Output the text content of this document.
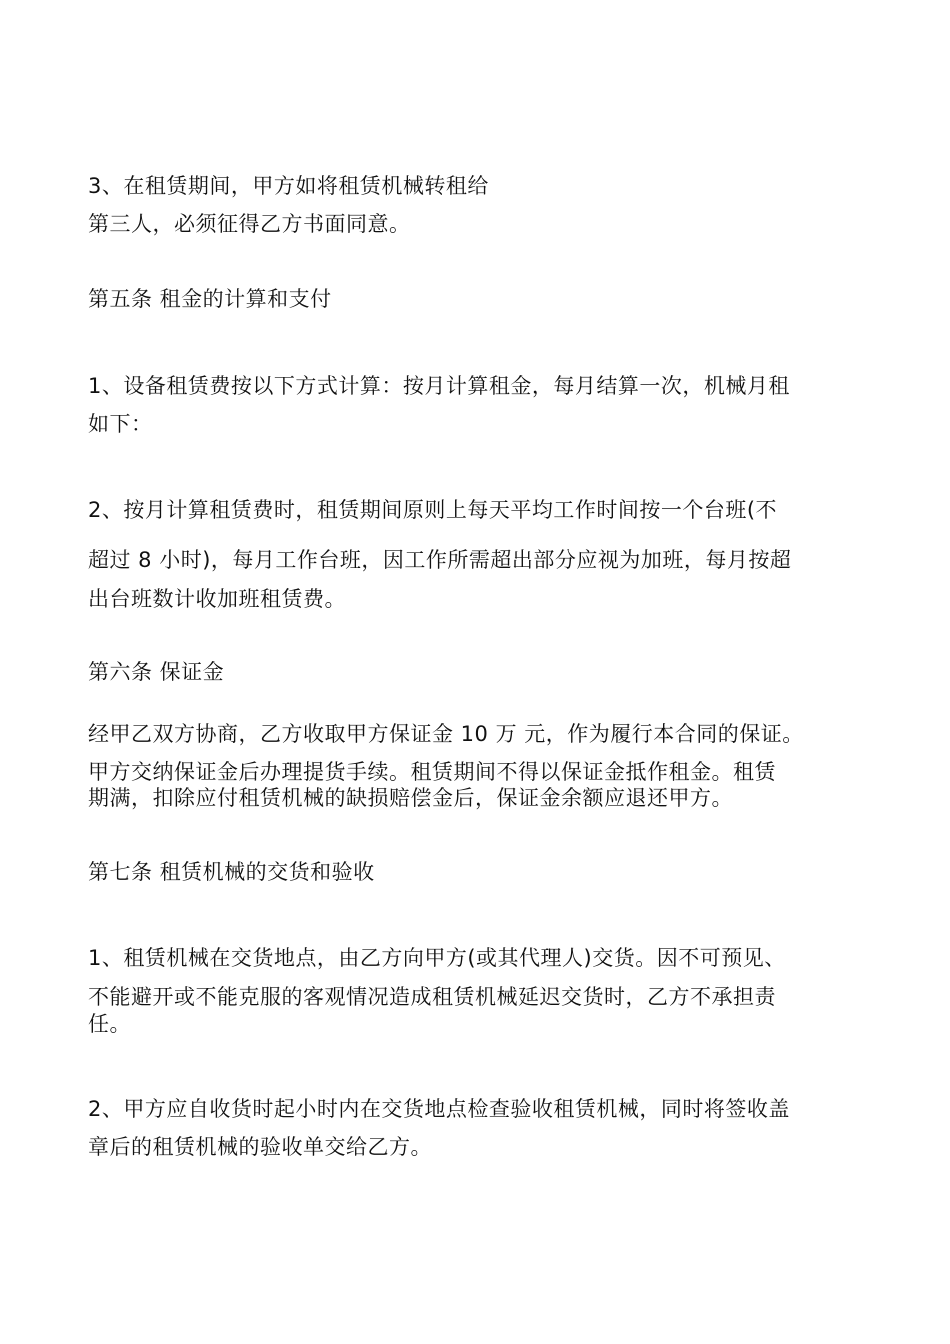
3、在租赁期间，甲方如将租赁机械转租给
第三人，必须征得乙方书面同意。
第五条 租金的计算和支付
1、设备租赁费按以下方式计算：按月计算租金，每月结算一次，机械月租
如下：
2、按月计算租赁费时，租赁期间原则上每天平均工作时间按一个台班(不
超过 8 小时)，每月工作台班，因工作所需超出部分应视为加班，每月按超
出台班数计收加班租赁费。
第六条 保证金
经甲乙双方协商，乙方收取甲方保证金 10 万 元，作为履行本合同的保证。
甲方交纳保证金后办理提货手续。租赁期间不得以保证金抵作租金。租赁
期满，扣除应付租赁机械的缺损赔偿金后，保证金余额应退还甲方。
第七条 租赁机械的交货和验收
1、租赁机械在交货地点，由乙方向甲方(或其代理人)交货。因不可预见、
不能避开或不能克服的客观情况造成租赁机械延迟交货时，乙方不承担责
任。
2、甲方应自收货时起小时内在交货地点检查验收租赁机械，同时将签收盖
章后的租赁机械的验收单交给乙方。
